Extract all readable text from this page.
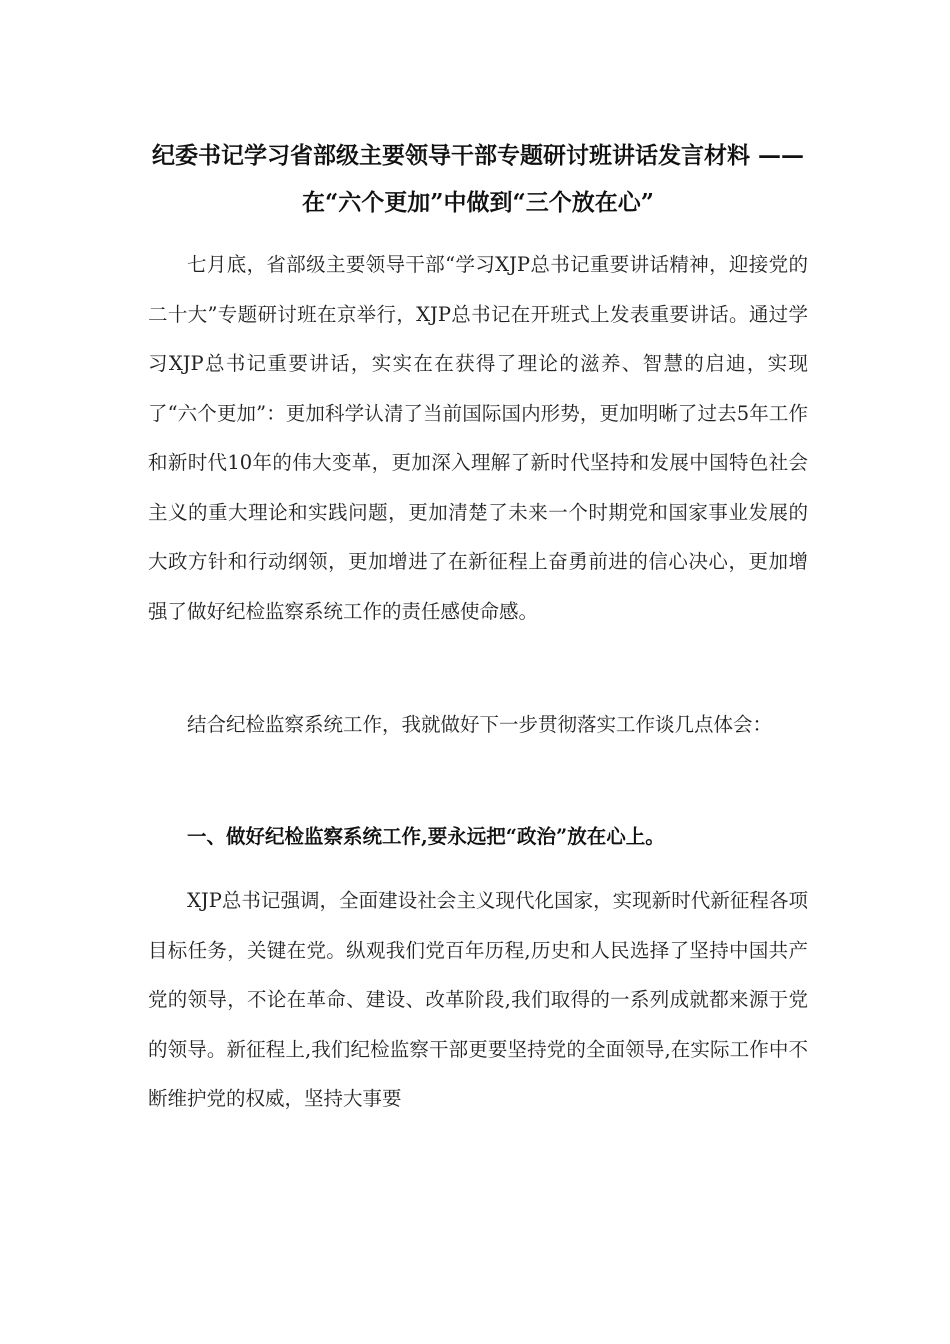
纪委书记学习省部级主要领导干部专题研讨班讲话发言材料 ——在“六个更加”中做到“三个放在心”

七月底，省部级主要领导干部“学习XJP总书记重要讲话精神，迎接党的二十大”专题研讨班在京举行，XJP总书记在开班式上发表重要讲话。通过学习XJP总书记重要讲话，实实在在获得了理论的滋养、智慧的启迪，实现了“六个更加”：更加科学认清了当前国际国内形势，更加明晰了过去5年工作和新时代10年的伟大变革，更加深入理解了新时代坚持和发展中国特色社会主义的重大理论和实践问题，更加清楚了未来一个时期党和国家事业发展的大政方针和行动纲领，更加增进了在新征程上奋勇前进的信心决心，更加增强了做好纪检监察系统工作的责任感使命感。

结合纪检监察系统工作，我就做好下一步贯彻落实工作谈几点体会：

一、做好纪检监察系统工作,要永远把“政治”放在心上。

XJP总书记强调，全面建设社会主义现代化国家，实现新时代新征程各项目标任务，关键在党。纵观我们党百年历程,历史和人民选择了坚持中国共产党的领导，不论在革命、建设、改革阶段,我们取得的一系列成就都来源于党的领导。新征程上,我们纪检监察干部更要坚持党的全面领导,在实际工作中不断维护党的权威，坚持大事要
